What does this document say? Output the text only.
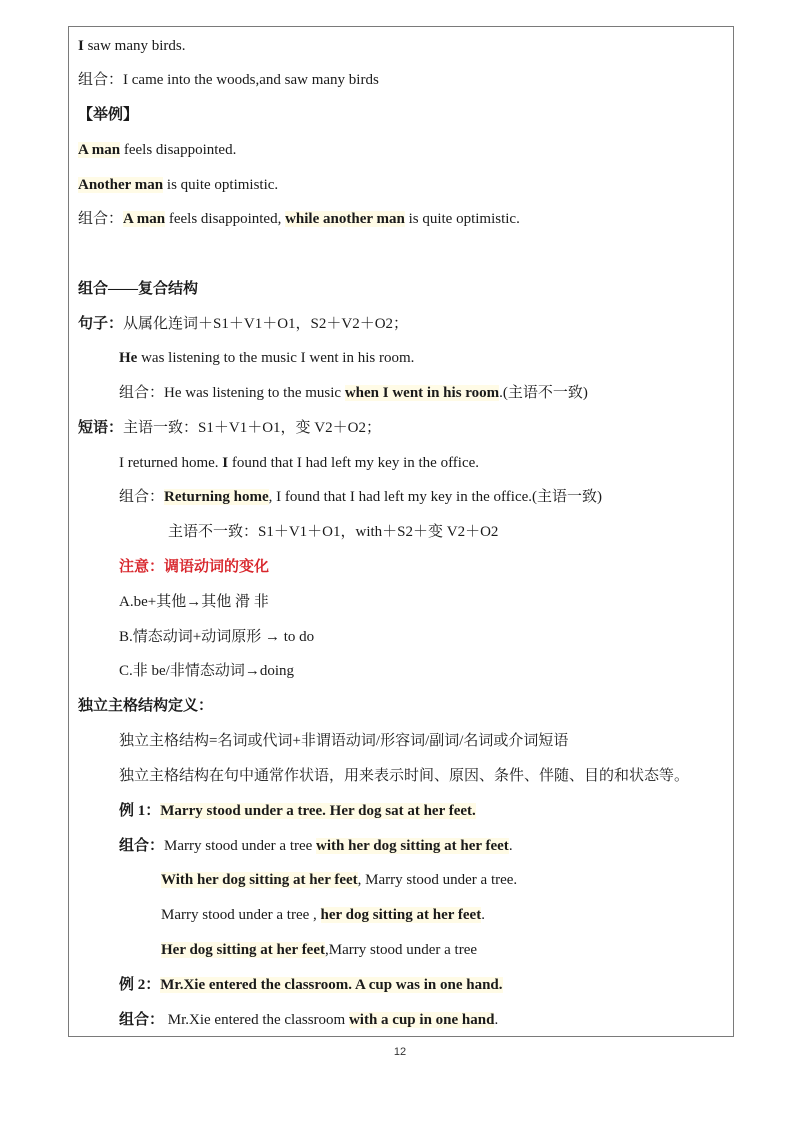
I saw many birds.
组合：I came into the woods,and saw many birds
【举例】
A man feels disappointed.
Another man is quite optimistic.
组合：A man feels disappointed, while another man is quite optimistic.
组合——复合结构
句子：从属化连词＋S1＋V1＋O1，S2＋V2＋O2；
He was listening to the music I went in his room.
组合：He was listening to the music when I went in his room.(主语不一致)
短语：主语一致：S1＋V1＋O1，变 V2＋O2；
I returned home. I found that I had left my key in the office.
组合：Returning home, I found that I had left my key in the office.(主语一致)
主语不一致：S1＋V1＋O1，with＋S2＋变 V2＋O2
注意：调语动词的变化
A.be+其他→其他 滑 非
B.情态动词+动词原形 → to do
C.非 be/非情态动词→doing
独立主格结构定义：
独立主格结构=名词或代词+非谓语动词/形容词/副词/名词或介词短语
独立主格结构在句中通常作状语，用来表示时间、原因、条件、伴随、目的和状态等。
例 1：Marry stood under a tree. Her dog sat at her feet.
组合：Marry stood under a tree with her dog sitting at her feet.
With her dog sitting at her feet, Marry stood under a tree.
Marry stood under a tree , her dog sitting at her feet.
Her dog sitting at her feet,Marry stood under a tree
例 2：Mr.Xie entered the classroom. A cup was in one hand.
组合： Mr.Xie entered the classroom with a cup in one hand.
12
